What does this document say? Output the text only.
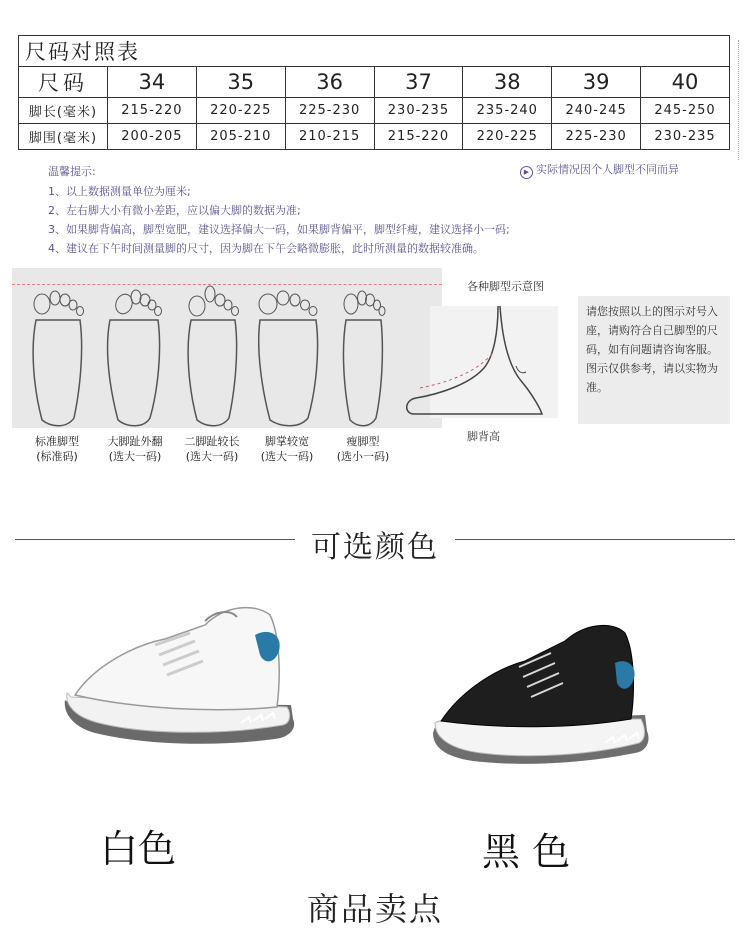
尺码对照表							
尺码	34	35	36	37	38	39	40
脚长(毫米)	215-220	220-225	225-230	230-235	235-240	240-245	245-250
脚围(毫米)	200-205	205-210	210-215	215-220	220-225	225-230	230-235
温馨提示:
1、以上数据测量单位为厘米;
2、左右脚大小有微小差距，应以偏大脚的数据为准;
3、如果脚背偏高，脚型宽肥，建议选择偏大一码，如果脚背偏平，脚型纤瘦，建议选择小一码;
4、建议在下午时间测量脚的尺寸，因为脚在下午会略微膨胀，此时所测量的数据较准确。
▶ 实际情况因个人脚型不同而异
标准脚型
(标准码)
大脚趾外翻
(选大一码)
二脚趾较长
(选大一码)
脚掌较宽
(选大一码)
瘦脚型
(选小一码)
各种脚型示意图
脚背高
请您按照以上的图示对号入座，请购符合自己脚型的尺码，如有问题请咨询客服。图示仅供参考，请以实物为准。
可选颜色
白色	黑 色
商品卖点
